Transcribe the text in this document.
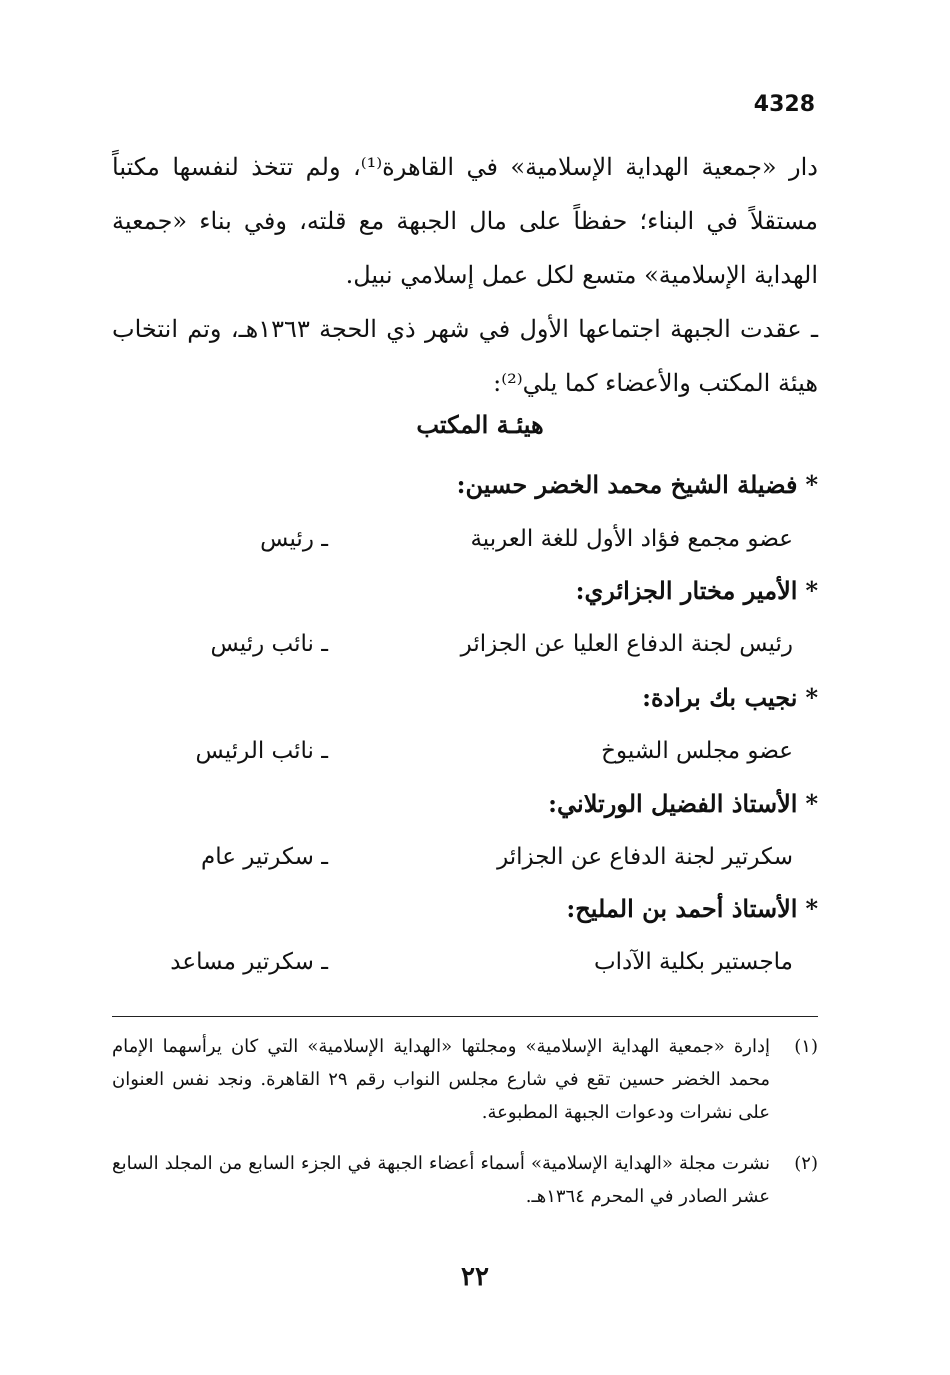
4328

دار «جمعية الهداية الإسلامية» في القاهرة⁽¹⁾، ولم تتخذ لنفسها مكتباً مستقلاً في البناء؛ حفظاً على مال الجبهة مع قلته، وفي بناء «جمعية الهداية الإسلامية» متسع لكل عمل إسلامي نبيل.

ـ عقدت الجبهة اجتماعها الأول في شهر ذي الحجة ١٣٦٣هـ، وتم انتخاب هيئة المكتب والأعضاء كما يلي⁽²⁾:

هيئـة المكتب
*فضيلة الشيخ محمد الخضر حسين:
عضو مجمع فؤاد الأول للغة العربية
ـ رئيس
*الأمير مختار الجزائري:
رئيس لجنة الدفاع العليا عن الجزائر
ـ نائب رئيس
*نجيب بك برادة:
عضو مجلس الشيوخ
ـ نائب الرئيس
*الأستاذ الفضيل الورتلاني:
سكرتير لجنة الدفاع عن الجزائر
ـ سكرتير عام
*الأستاذ أحمد بن المليح:
ماجستير بكلية الآداب
ـ سكرتير مساعد
(١)
إدارة «جمعية الهداية الإسلامية» ومجلتها «الهداية الإسلامية» التي كان يرأسهما الإمام محمد الخضر حسين تقع في شارع مجلس النواب رقم ٢٩ القاهرة. ونجد نفس العنوان على نشرات ودعوات الجبهة المطبوعة.
(٢)
نشرت مجلة «الهداية الإسلامية» أسماء أعضاء الجبهة في الجزء السابع من المجلد السابع عشر الصادر في المحرم ١٣٦٤هـ.
٢٢
